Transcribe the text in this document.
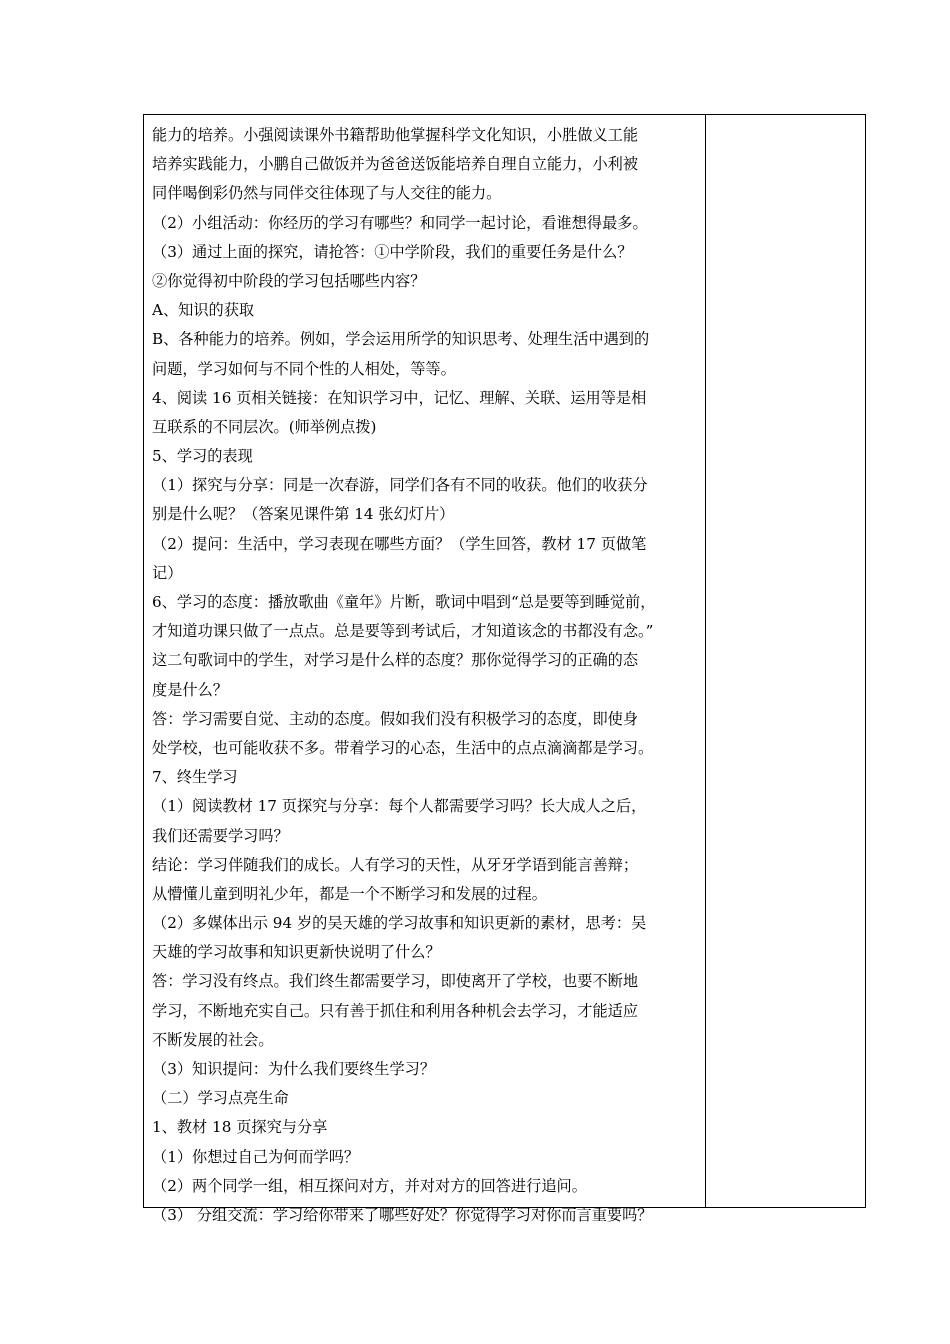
能力的培养。小强阅读课外书籍帮助他掌握科学文化知识，小胜做义工能
培养实践能力，小鹏自己做饭并为爸爸送饭能培养自理自立能力，小利被
同伴喝倒彩仍然与同伴交往体现了与人交往的能力。
（2）小组活动：你经历的学习有哪些？和同学一起讨论，看谁想得最多。
（3）通过上面的探究，请抢答：①中学阶段，我们的重要任务是什么？
②你觉得初中阶段的学习包括哪些内容？
A、知识的获取
B、各种能力的培养。例如，学会运用所学的知识思考、处理生活中遇到的
问题，学习如何与不同个性的人相处，等等。
4、阅读 16 页相关链接：在知识学习中，记忆、理解、关联、运用等是相
互联系的不同层次。(师举例点拨)
5、学习的表现
（1）探究与分享：同是一次春游，同学们各有不同的收获。他们的收获分
别是什么呢？（答案见课件第 14 张幻灯片）
（2）提问：生活中，学习表现在哪些方面？（学生回答，教材 17 页做笔
记）
6、学习的态度：播放歌曲《童年》片断，歌词中唱到“总是要等到睡觉前，
才知道功课只做了一点点。总是要等到考试后，才知道该念的书都没有念。”
这二句歌词中的学生，对学习是什么样的态度？那你觉得学习的正确的态
度是什么？
答：学习需要自觉、主动的态度。假如我们没有积极学习的态度，即使身
处学校，也可能收获不多。带着学习的心态，生活中的点点滴滴都是学习。
7、终生学习
（1）阅读教材 17 页探究与分享：每个人都需要学习吗？长大成人之后，
我们还需要学习吗？
结论：学习伴随我们的成长。人有学习的天性，从牙牙学语到能言善辩；
从懵懂儿童到明礼少年，都是一个不断学习和发展的过程。
（2）多媒体出示 94 岁的吴天雄的学习故事和知识更新的素材，思考：吴
天雄的学习故事和知识更新快说明了什么？
答：学习没有终点。我们终生都需要学习，即使离开了学校，也要不断地
学习，不断地充实自己。只有善于抓住和利用各种机会去学习，才能适应
不断发展的社会。
（3）知识提问：为什么我们要终生学习？
（二）学习点亮生命
1、教材 18 页探究与分享
（1）你想过自己为何而学吗？
（2）两个同学一组，相互探问对方，并对对方的回答进行追问。
（3） 分组交流：学习给你带来了哪些好处？你觉得学习对你而言重要吗？
